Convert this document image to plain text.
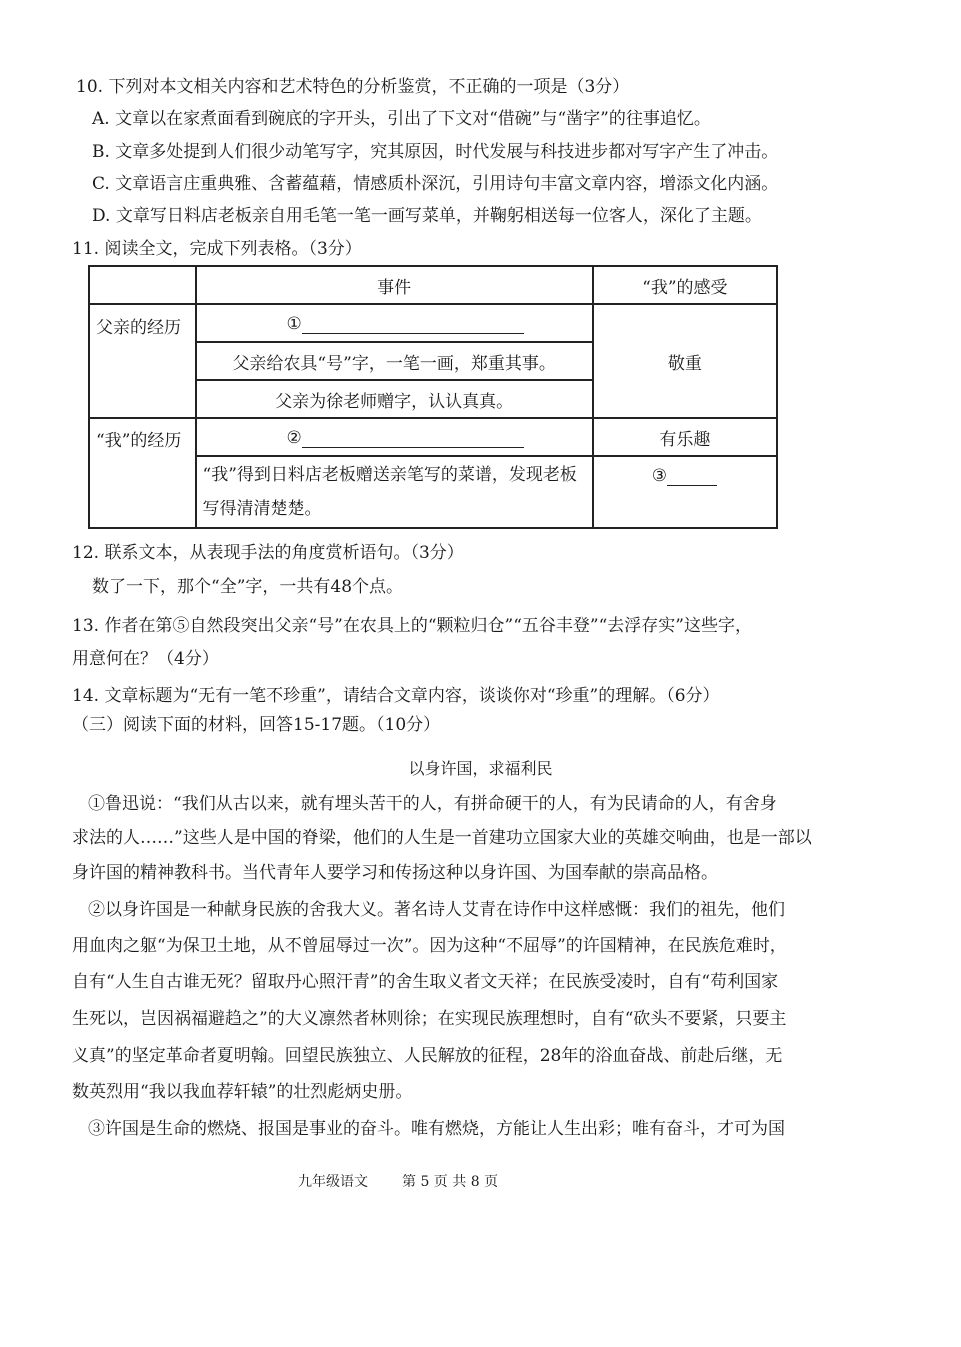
10. 下列对本文相关内容和艺术特色的分析鉴赏，不正确的一项是（3分）
A. 文章以在家煮面看到碗底的字开头，引出了下文对“借碗”与“凿字”的往事追忆。
B. 文章多处提到人们很少动笔写字，究其原因，时代发展与科技进步都对写字产生了冲击。
C. 文章语言庄重典雅、含蓄蕴藉，情感质朴深沉，引用诗句丰富文章内容，增添文化内涵。
D. 文章写日料店老板亲自用毛笔一笔一画写菜单，并鞠躬相送每一位客人，深化了主题。
11. 阅读全文，完成下列表格。（3分）
	事件	“我”的感受
父亲的经历	①	敬重
	父亲给农具“号”字，一笔一画，郑重其事。	
	父亲为徐老师赠字，认认真真。	
“我”的经历	②	有乐趣
	“我”得到日料店老板赠送亲笔写的菜谱，发现老板写得清清楚楚。	③
12. 联系文本，从表现手法的角度赏析语句。（3分）
数了一下，那个“全”字，一共有48个点。
13. 作者在第⑤自然段突出父亲“号”在农具上的“颗粒归仓”“五谷丰登”“去浮存实”这些字，
用意何在？（4分）
14. 文章标题为“无有一笔不珍重”，请结合文章内容，谈谈你对“珍重”的理解。（6分）
（三）阅读下面的材料，回答15-17题。（10分）
以身许国，求福利民
①鲁迅说：“我们从古以来，就有埋头苦干的人，有拼命硬干的人，有为民请命的人，有舍身
求法的人……”这些人是中国的脊梁，他们的人生是一首建功立国家大业的英雄交响曲，也是一部以
身许国的精神教科书。当代青年人要学习和传扬这种以身许国、为国奉献的崇高品格。
②以身许国是一种献身民族的舍我大义。著名诗人艾青在诗作中这样感慨：我们的祖先，他们
用血肉之躯“为保卫土地，从不曾屈辱过一次”。因为这种“不屈辱”的许国精神，在民族危难时，
自有“人生自古谁无死？留取丹心照汗青”的舍生取义者文天祥；在民族受凌时，自有“苟利国家
生死以，岂因祸福避趋之”的大义凛然者林则徐；在实现民族理想时，自有“砍头不要紧，只要主
义真”的坚定革命者夏明翰。回望民族独立、人民解放的征程，28年的浴血奋战、前赴后继，无
数英烈用“我以我血荐轩辕”的壮烈彪炳史册。
③许国是生命的燃烧、报国是事业的奋斗。唯有燃烧，方能让人生出彩；唯有奋斗，才可为国
九年级语文 第 5 页 共 8 页
